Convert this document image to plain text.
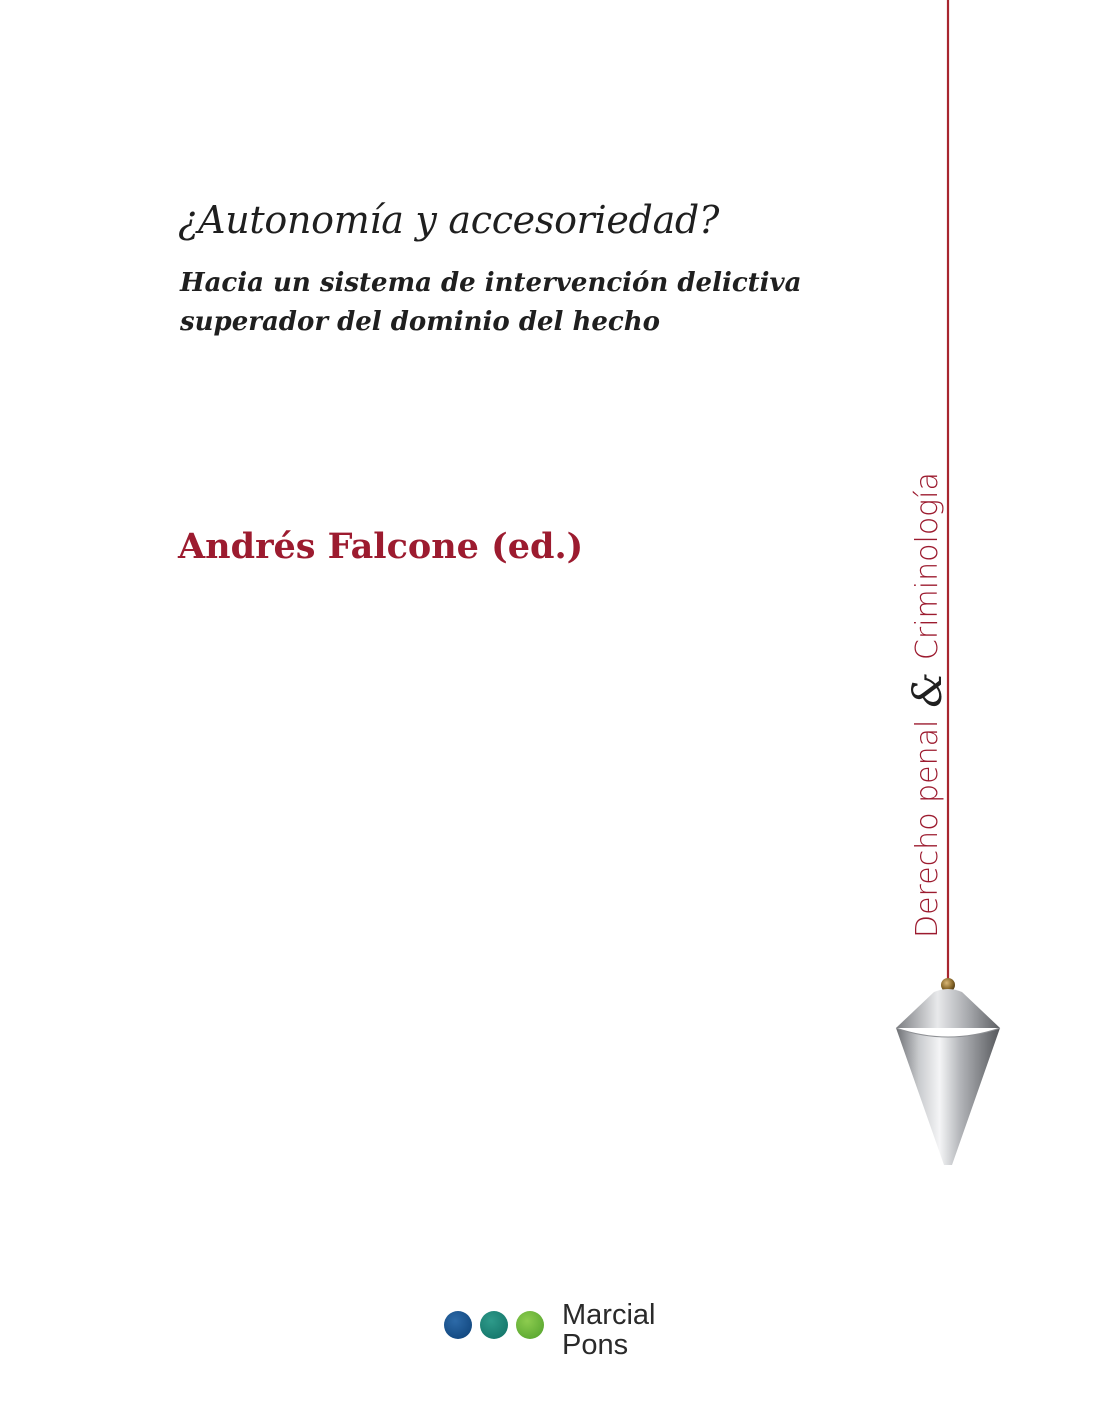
¿Autonomía y accesoriedad?
Hacia un sistema de intervención delictiva
superador del dominio del hecho
Andrés Falcone (ed.)
Derecho penal
&
Criminología
Marcial
Pons
